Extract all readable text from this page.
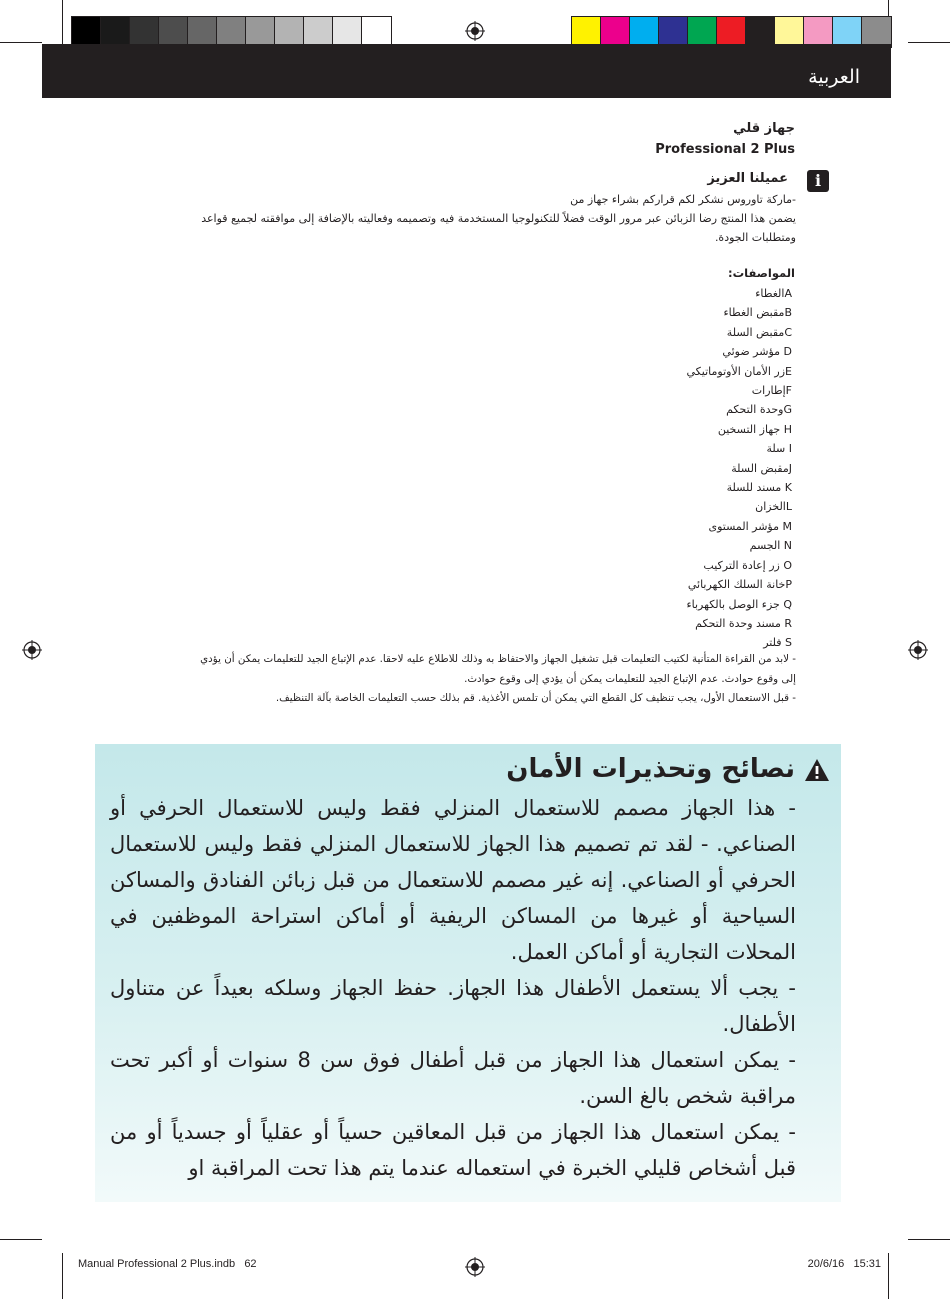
العربية
جهاز قلي
Professional 2 Plus
i
عميلنا العزيز

-ماركة تاوروس نشكر لكم قراركم بشراء جهاز من

يضمن هذا المنتج رضا الزبائن عبر مرور الوقت فضلاً للتكنولوجيا المستخدمة فيه وتصميمه وفعاليته بالإضافة إلى موافقته لجميع قواعد

ومتطلبات الجودة.

المواصفات:
Aالغطاء
Bمقبض الغطاء
Cمقبض السلة
D مؤشر ضوئي
Eزر الأمان الأوتوماتيكي
Fإطارات
Gوحدة التحكم
H جهاز التسخين
I سلة
Jمقبض السلة
K مسند للسلة
Lالخزان
M مؤشر المستوى
N الجسم
O زر إعادة التركيب
Pخانة السلك الكهربائي
Q جزء الوصل بالكهرباء
R مسند وحدة التحكم
S فلتر

- لابد من القراءة المتأنية لكتيب التعليمات قبل تشغيل الجهاز والاحتفاظ به وذلك للاطلاع عليه لاحقا. عدم الإتباع الجيد للتعليمات يمكن أن يؤدي

إلى وقوع حوادث. عدم الإتباع الجيد للتعليمات يمكن أن يؤدي إلى وقوع حوادث.

- قبل الاستعمال الأول، يجب تنظيف كل القطع التي يمكن أن تلمس الأغذية. قم بذلك حسب التعليمات الخاصة بآلة التنظيف.

نصائح وتحذيرات الأمان

- هذا الجهاز مصمم للاستعمال المنزلي فقط وليس للاستعمال الحرفي أو الصناعي. - لقد تم تصميم هذا الجهاز للاستعمال المنزلي فقط وليس للاستعمال الحرفي أو الصناعي. إنه غير مصمم للاستعمال من قبل زبائن الفنادق والمساكن السياحية أو غيرها من المساكن الريفية أو أماكن استراحة الموظفين في المحلات التجارية أو أماكن العمل.

- يجب ألا يستعمل الأطفال هذا الجهاز. حفظ الجهاز وسلكه بعيداً عن متناول الأطفال.

- يمكن استعمال هذا الجهاز من قبل أطفال فوق سن 8 سنوات أو أكبر تحت مراقبة شخص بالغ السن.

- يمكن استعمال هذا الجهاز من قبل المعاقين حسياً أو عقلياً أو جسدياً أو من قبل أشخاص قليلي الخبرة في استعماله عندما يتم هذا تحت المراقبة او

Manual Professional 2 Plus.indb   62	20/6/16   15:31
